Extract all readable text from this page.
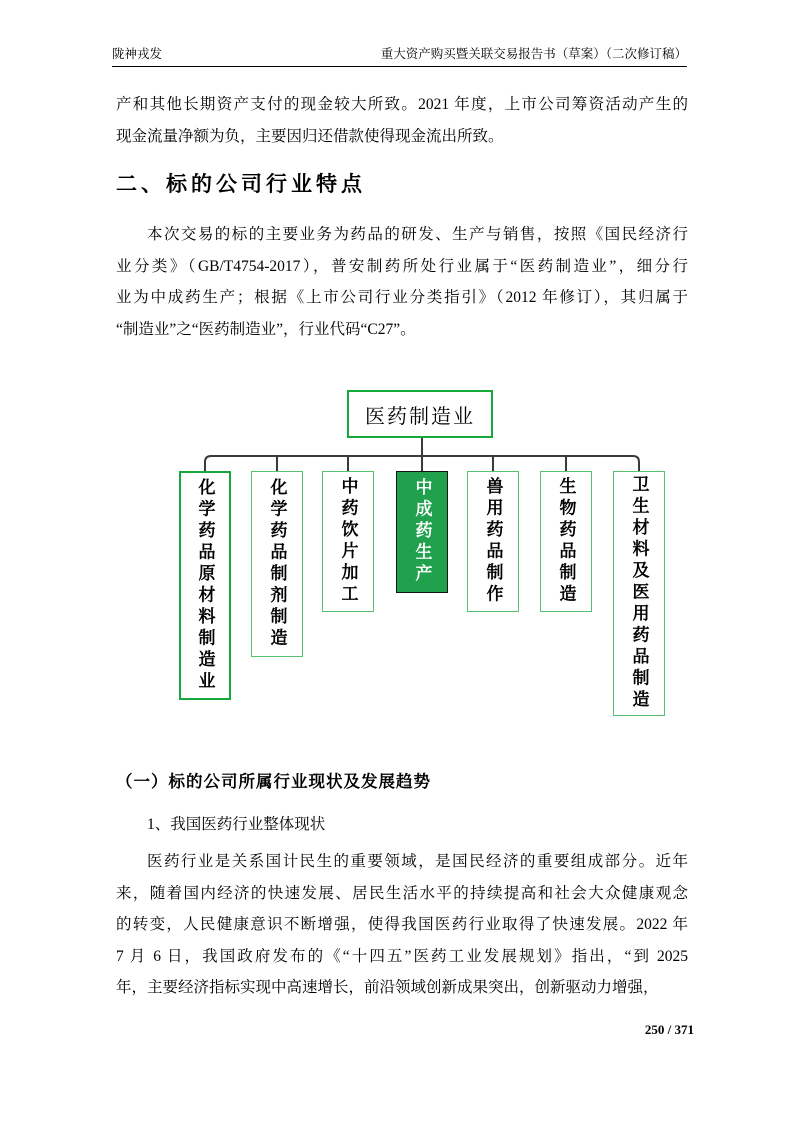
陇神戎发	重大资产购买暨关联交易报告书（草案）（二次修订稿）
产和其他长期资产支付的现金较大所致。2021 年度，上市公司筹资活动产生的
现金流量净额为负，主要因归还借款使得现金流出所致。
二、标的公司行业特点
本次交易的标的主要业务为药品的研发、生产与销售，按照《国民经济行
业分类》（GB/T4754-2017），普安制药所处行业属于“医药制造业”，细分行
业为中成药生产；根据《上市公司行业分类指引》（2012 年修订），其归属于
“制造业”之“医药制造业”，行业代码“C27”。
医药制造业
化学药品原材料制造业	化学药品制剂制造	中药饮片加工	中成药生产	兽用药品制作	生物药品制造	卫生材料及医用药品制造
（一）标的公司所属行业现状及发展趋势
1、我国医药行业整体现状
医药行业是关系国计民生的重要领域，是国民经济的重要组成部分。近年
来，随着国内经济的快速发展、居民生活水平的持续提高和社会大众健康观念
的转变，人民健康意识不断增强，使得我国医药行业取得了快速发展。2022 年
7 月 6 日，我国政府发布的《“十四五”医药工业发展规划》指出，“到 2025
年，主要经济指标实现中高速增长，前沿领域创新成果突出，创新驱动力增强，
250 / 371
